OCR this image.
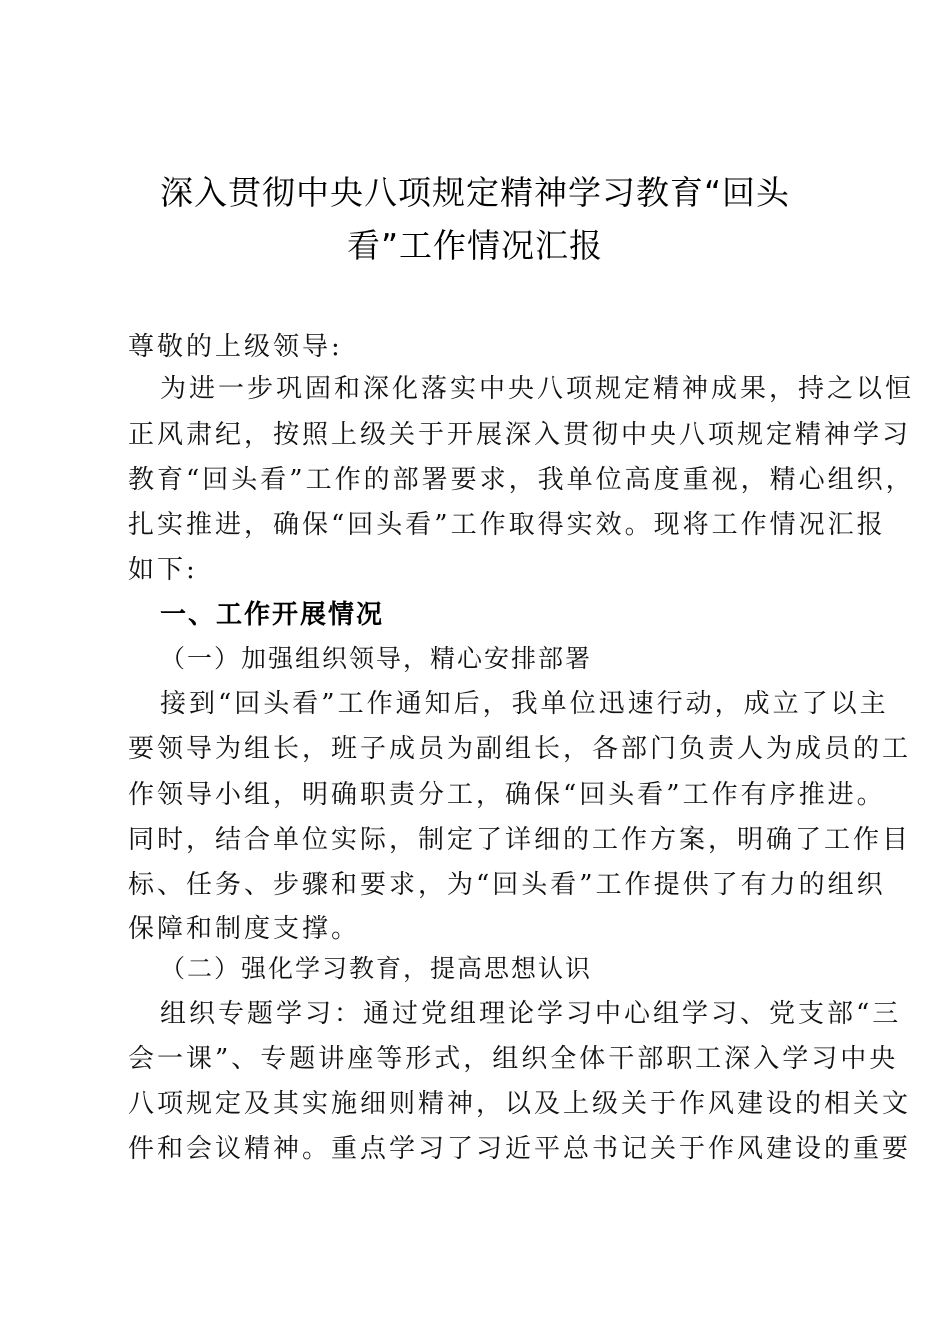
深入贯彻中央八项规定精神学习教育“回头
看”工作情况汇报
尊敬的上级领导:
为进一步巩固和深化落实中央八项规定精神成果，持之以恒
正风肃纪，按照上级关于开展深入贯彻中央八项规定精神学习
教育“回头看”工作的部署要求，我单位高度重视，精心组织，
扎实推进，确保“回头看”工作取得实效。现将工作情况汇报
如下:
一、工作开展情况
（一）加强组织领导，精心安排部署
接到“回头看”工作通知后，我单位迅速行动，成立了以主
要领导为组长，班子成员为副组长，各部门负责人为成员的工
作领导小组，明确职责分工，确保“回头看”工作有序推进。
同时，结合单位实际，制定了详细的工作方案，明确了工作目
标、任务、步骤和要求，为“回头看”工作提供了有力的组织
保障和制度支撑。
（二）强化学习教育，提高思想认识
组织专题学习：通过党组理论学习中心组学习、党支部“三
会一课”、专题讲座等形式，组织全体干部职工深入学习中央
八项规定及其实施细则精神，以及上级关于作风建设的相关文
件和会议精神。重点学习了习近平总书记关于作风建设的重要
